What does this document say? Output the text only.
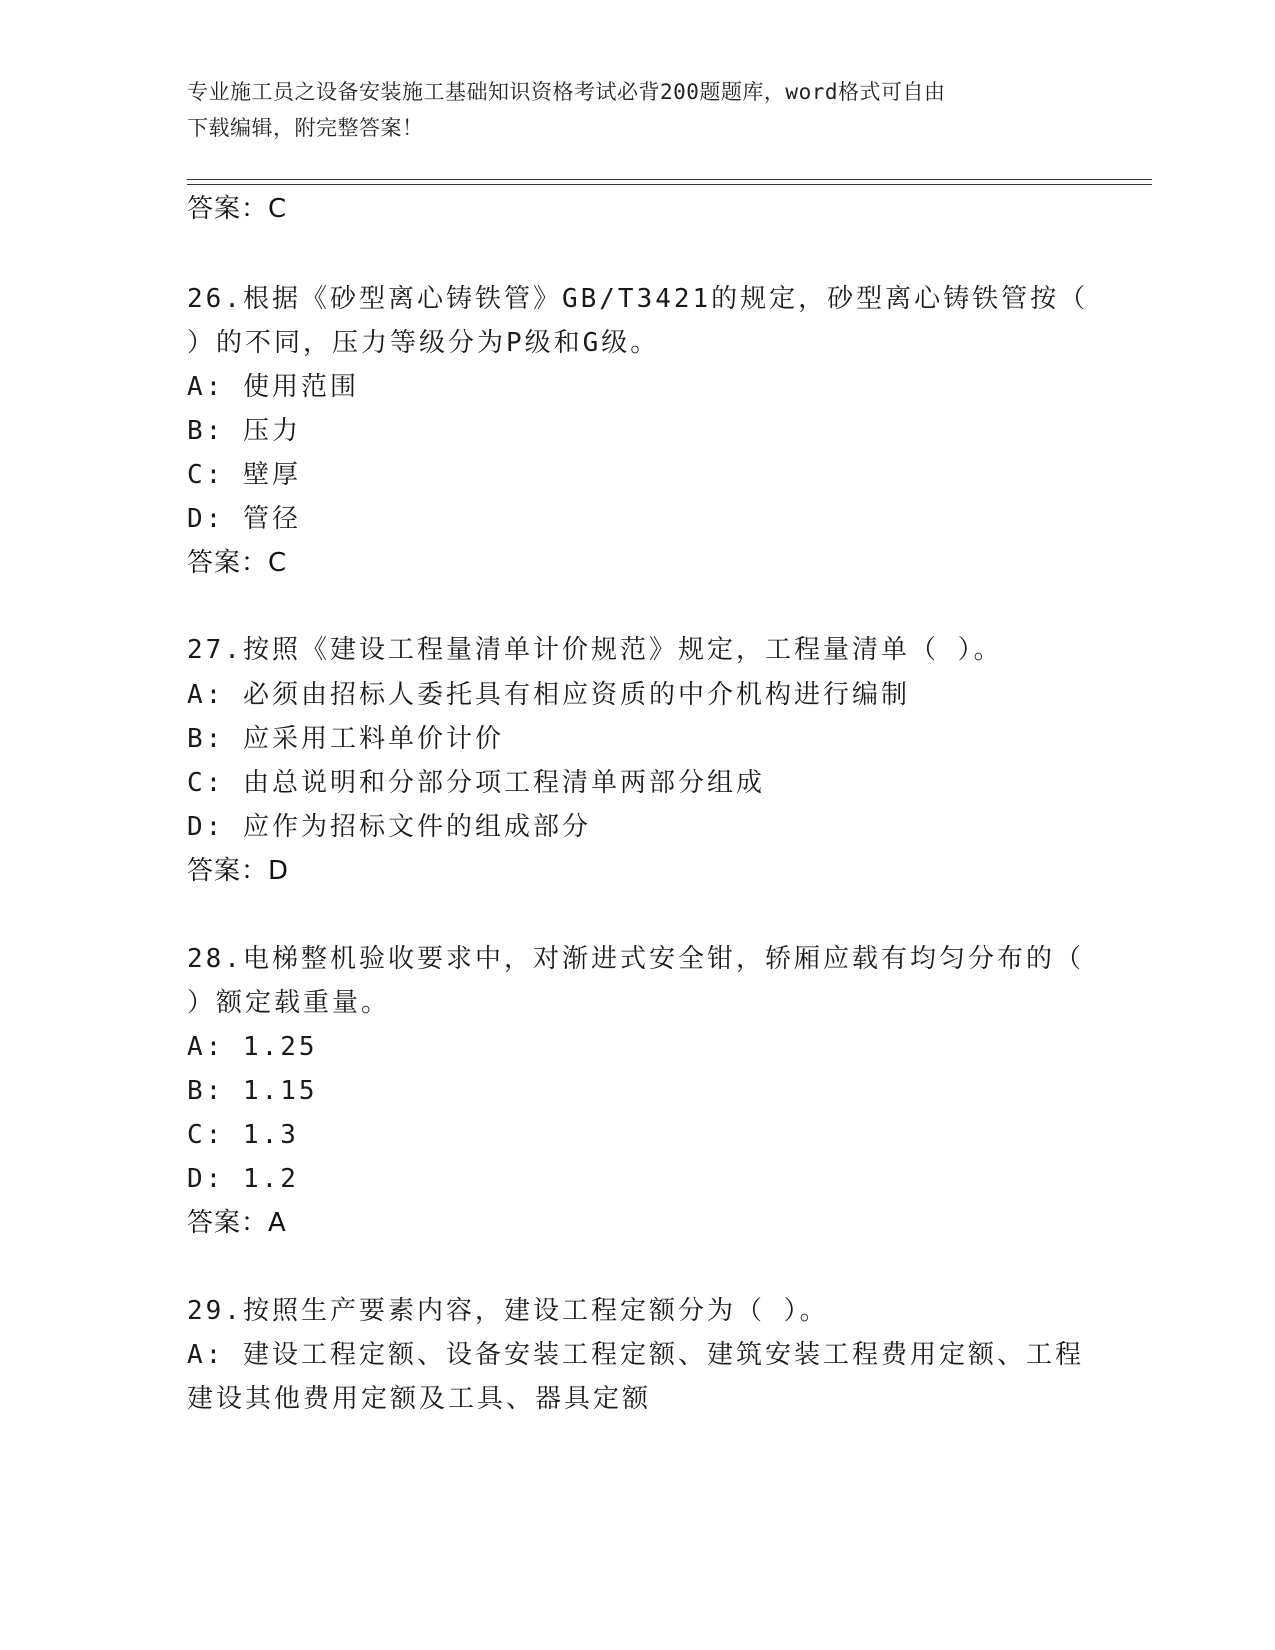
专业施工员之设备安装施工基础知识资格考试必背200题题库，word格式可自由
下载编辑，附完整答案！
答案：C
26.根据《砂型离心铸铁管》GB/T3421的规定，砂型离心铸铁管按（
）的不同，压力等级分为P级和G级。
A: 使用范围
B: 压力
C: 壁厚
D: 管径
答案：C
27.按照《建设工程量清单计价规范》规定，工程量清单（ ）。
A: 必须由招标人委托具有相应资质的中介机构进行编制
B: 应采用工料单价计价
C: 由总说明和分部分项工程清单两部分组成
D: 应作为招标文件的组成部分
答案：D
28.电梯整机验收要求中，对渐进式安全钳，轿厢应载有均匀分布的（
）额定载重量。
A: 1.25
B: 1.15
C: 1.3
D: 1.2
答案：A
29.按照生产要素内容，建设工程定额分为（ ）。
A: 建设工程定额、设备安装工程定额、建筑安装工程费用定额、工程
建设其他费用定额及工具、器具定额
